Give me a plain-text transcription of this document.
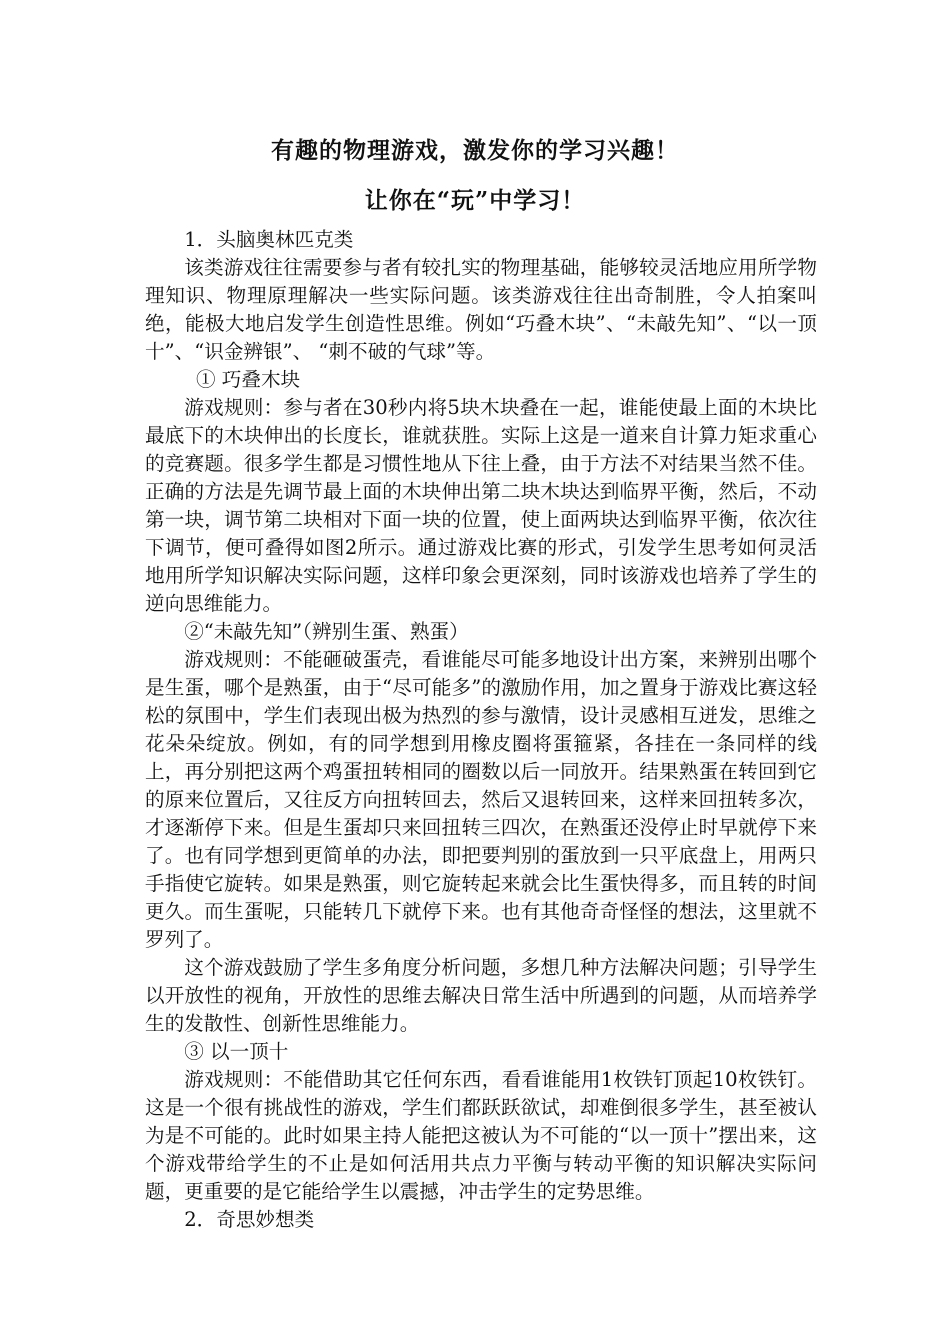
有趣的物理游戏，激发你的学习兴趣！
让你在“玩”中学习！

1．头脑奥林匹克类

该类游戏往往需要参与者有较扎实的物理基础，能够较灵活地应用所学物理知识、物理原理解决一些实际问题。该类游戏往往出奇制胜，令人拍案叫绝，能极大地启发学生创造性思维。例如“巧叠木块”、“未敲先知”、“以一顶十”、“识金辨银”、 “刺不破的气球”等。

① 巧叠木块

游戏规则：参与者在30秒内将5块木块叠在一起，谁能使最上面的木块比最底下的木块伸出的长度长，谁就获胜。实际上这是一道来自计算力矩求重心的竞赛题。很多学生都是习惯性地从下往上叠，由于方法不对结果当然不佳。正确的方法是先调节最上面的木块伸出第二块木块达到临界平衡，然后，不动第一块，调节第二块相对下面一块的位置，使上面两块达到临界平衡，依次往下调节，便可叠得如图2所示。通过游戏比赛的形式，引发学生思考如何灵活地用所学知识解决实际问题，这样印象会更深刻，同时该游戏也培养了学生的逆向思维能力。

②“未敲先知”（辨别生蛋、熟蛋）

游戏规则：不能砸破蛋壳，看谁能尽可能多地设计出方案，来辨别出哪个是生蛋，哪个是熟蛋，由于“尽可能多”的激励作用，加之置身于游戏比赛这轻松的氛围中，学生们表现出极为热烈的参与激情，设计灵感相互迸发，思维之花朵朵绽放。例如，有的同学想到用橡皮圈将蛋箍紧，各挂在一条同样的线上，再分别把这两个鸡蛋扭转相同的圈数以后一同放开。结果熟蛋在转回到它的原来位置后，又往反方向扭转回去，然后又退转回来，这样来回扭转多次，才逐渐停下来。但是生蛋却只来回扭转三四次，在熟蛋还没停止时早就停下来了。也有同学想到更简单的办法，即把要判别的蛋放到一只平底盘上，用两只手指使它旋转。如果是熟蛋，则它旋转起来就会比生蛋快得多，而且转的时间更久。而生蛋呢，只能转几下就停下来。也有其他奇奇怪怪的想法，这里就不罗列了。

这个游戏鼓励了学生多角度分析问题，多想几种方法解决问题；引导学生以开放性的视角，开放性的思维去解决日常生活中所遇到的问题，从而培养学生的发散性、创新性思维能力。

③ 以一顶十

游戏规则：不能借助其它任何东西，看看谁能用1枚铁钉顶起10枚铁钉。这是一个很有挑战性的游戏，学生们都跃跃欲试，却难倒很多学生，甚至被认为是不可能的。此时如果主持人能把这被认为不可能的“以一顶十”摆出来，这个游戏带给学生的不止是如何活用共点力平衡与转动平衡的知识解决实际问题，更重要的是它能给学生以震撼，冲击学生的定势思维。

2．奇思妙想类
